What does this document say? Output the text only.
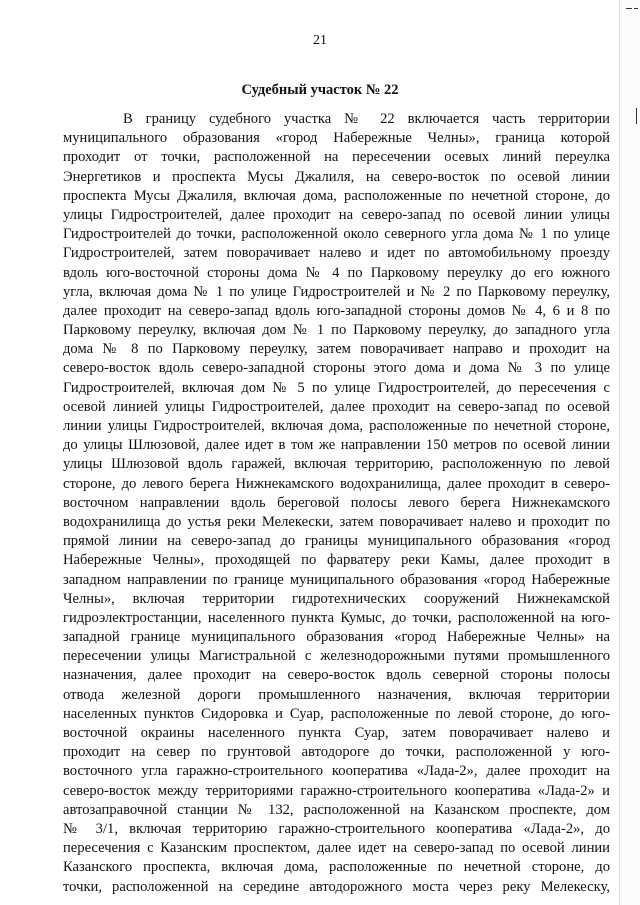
21
Судебный участок № 22
В границу судебного участка № 22 включается часть территории
муниципального образования «город Набережные Челны», граница которой
проходит от точки, расположенной на пересечении осевых линий переулка
Энергетиков и проспекта Мусы Джалиля, на северо-восток по осевой линии
проспекта Мусы Джалиля, включая дома, расположенные по нечетной стороне, до
улицы Гидростроителей, далее проходит на северо-запад по осевой линии улицы
Гидростроителей до точки, расположенной около северного угла дома № 1 по улице
Гидростроителей, затем поворачивает налево и идет по автомобильному проезду
вдоль юго-восточной стороны дома № 4 по Парковому переулку до его южного
угла, включая дома № 1 по улице Гидростроителей и № 2 по Парковому переулку,
далее проходит на северо-запад вдоль юго-западной стороны домов № 4, 6 и 8 по
Парковому переулку, включая дом № 1 по Парковому переулку, до западного угла
дома № 8 по Парковому переулку, затем поворачивает направо и проходит на
северо-восток вдоль северо-западной стороны этого дома и дома № 3 по улице
Гидростроителей, включая дом № 5 по улице Гидростроителей, до пересечения с
осевой линией улицы Гидростроителей, далее проходит на северо-запад по осевой
линии улицы Гидростроителей, включая дома, расположенные по нечетной стороне,
до улицы Шлюзовой, далее идет в том же направлении 150 метров по осевой линии
улицы Шлюзовой вдоль гаражей, включая территорию, расположенную по левой
стороне, до левого берега Нижнекамского водохранилища, далее проходит в северо-
восточном направлении вдоль береговой полосы левого берега Нижнекамского
водохранилища до устья реки Мелекески, затем поворачивает налево и проходит по
прямой линии на северо-запад до границы муниципального образования «город
Набережные Челны», проходящей по фарватеру реки Камы, далее проходит в
западном направлении по границе муниципального образования «город Набережные
Челны», включая территории гидротехнических сооружений Нижнекамской
гидроэлектростанции, населенного пункта Кумыс, до точки, расположенной на юго-
западной границе муниципального образования «город Набережные Челны» на
пересечении улицы Магистральной с железнодорожными путями промышленного
назначения, далее проходит на северо-восток вдоль северной стороны полосы
отвода железной дороги промышленного назначения, включая территории
населенных пунктов Сидоровка и Суар, расположенные по левой стороне, до юго-
восточной окраины населенного пункта Суар, затем поворачивает налево и
проходит на север по грунтовой автодороге до точки, расположенной у юго-
восточного угла гаражно-строительного кооператива «Лада-2», далее проходит на
северо-восток между территориями гаражно-строительного кооператива «Лада-2» и
автозаправочной станции № 132, расположенной на Казанском проспекте, дом
№ 3/1, включая территорию гаражно-строительного кооператива «Лада-2», до
пересечения с Казанским проспектом, далее идет на северо-запад по осевой линии
Казанского проспекта, включая дома, расположенные по нечетной стороне, до
точки, расположенной на середине автодорожного моста через реку Мелекеску,
